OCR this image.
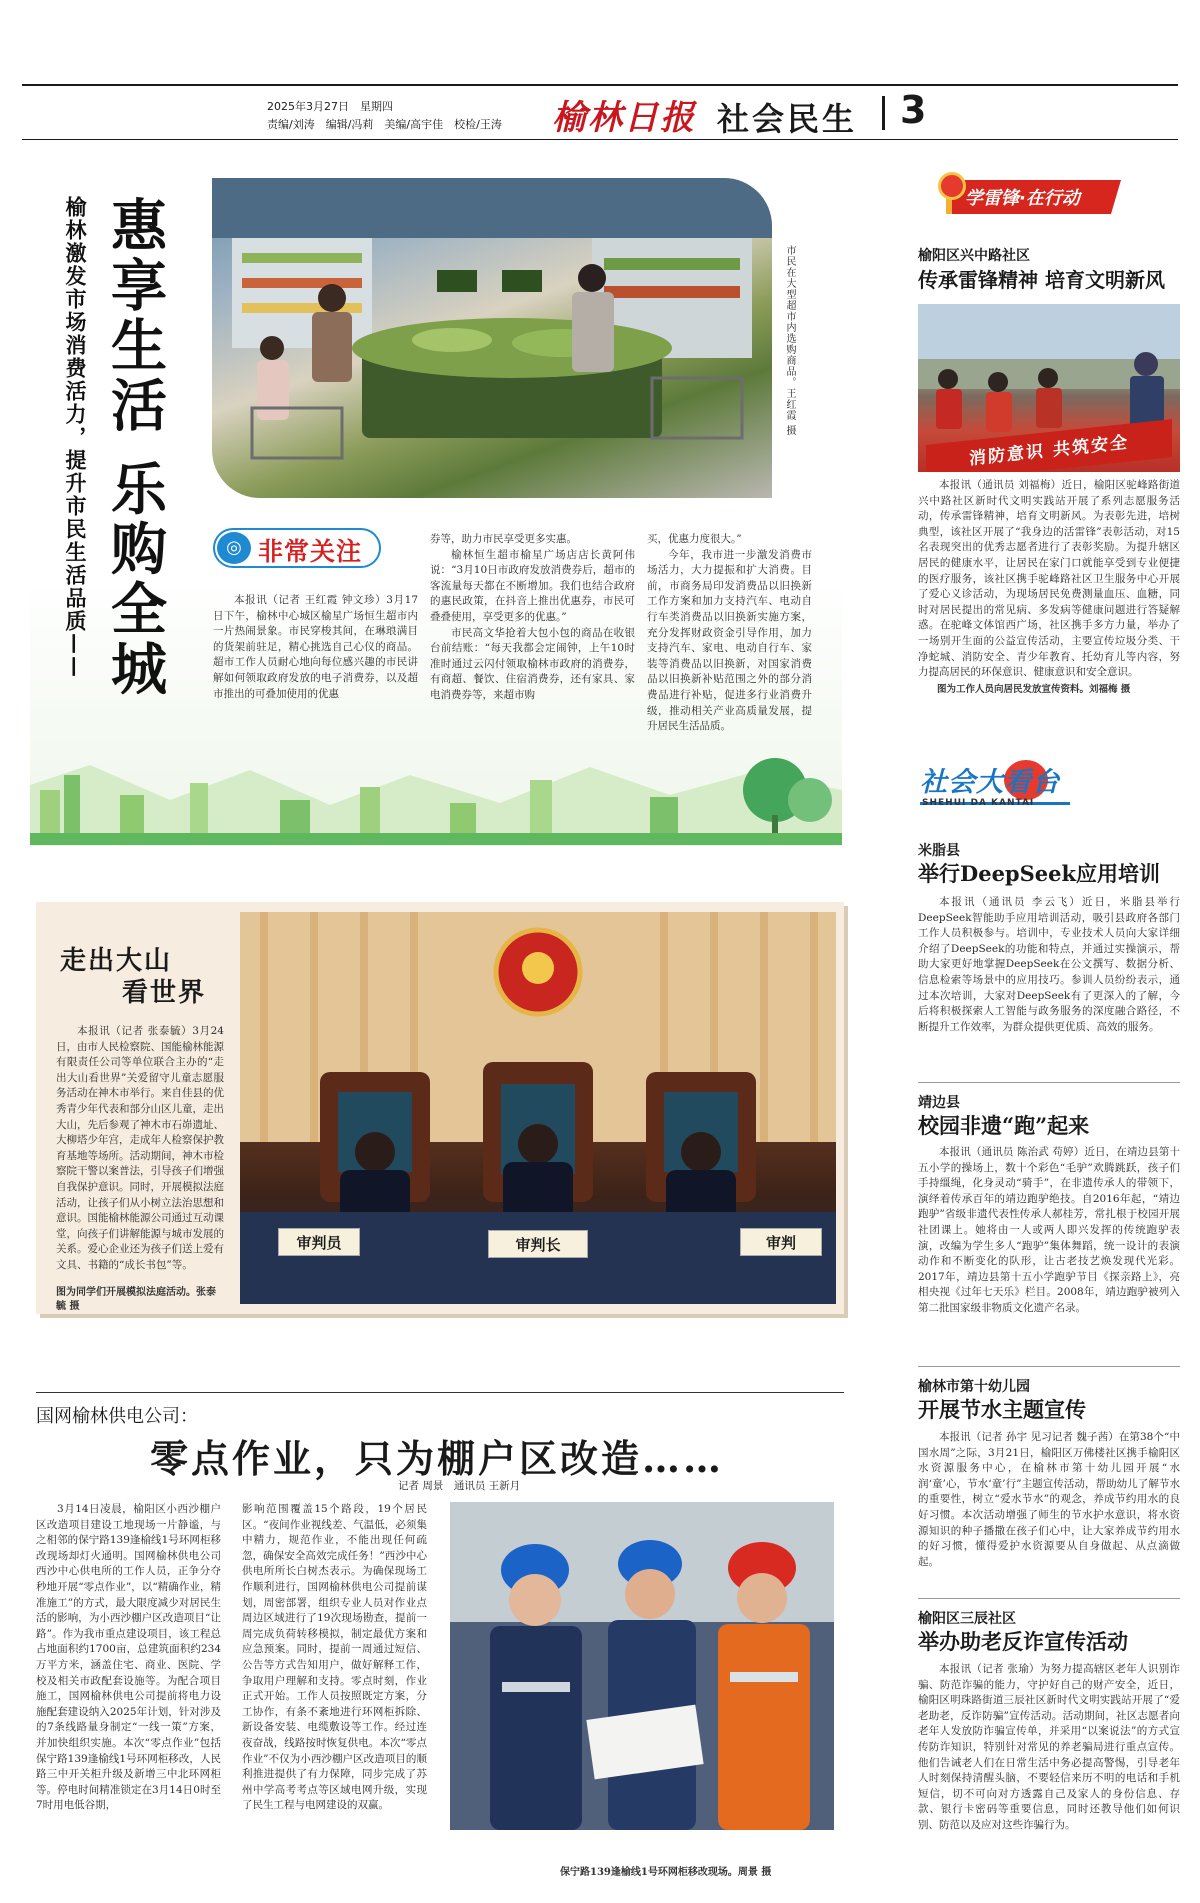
2025年3月27日　星期四
责编/刘涛　编辑/冯莉　美编/高宇佳　校检/王涛 榆林日报 社会民生 3
榆林激发市场消费活力，提升市民生活品质—— 惠享生活 乐购全城	市民在大型超市内选购商品。王红霞 摄
◎ 非常关注

本报讯（记者 王红霞 钟文珍）3月17日下午，榆林中心城区榆星广场恒生超市内一片热闹景象。市民穿梭其间，在琳琅满目的货架前驻足，精心挑选自己心仪的商品。超市工作人员耐心地向每位感兴趣的市民讲解如何领取政府发放的电子消费券，以及超市推出的可叠加使用的优惠

券等，助力市民享受更多实惠。

榆林恒生超市榆星广场店店长黄阿伟说：“3月10日市政府发放消费券后，超市的客流量每天都在不断增加。我们也结合政府的惠民政策，在抖音上推出优惠券，市民可叠叠使用，享受更多的优惠。”

市民高文华抢着大包小包的商品在收银台前结账：“每天我都会定闹钟，上午10时准时通过云闪付领取榆林市政府的消费券，有商超、餐饮、住宿消费券，还有家具、家电消费券等，来超市购

买，优惠力度很大。”

今年，我市进一步激发消费市场活力，大力提振和扩大消费。目前，市商务局印发消费品以旧换新工作方案和加力支持汽车、电动自行车类消费品以旧换新实施方案，充分发挥财政资金引导作用，加力支持汽车、家电、电动自行车、家装等消费品以旧换新，对国家消费品以旧换新补贴范围之外的部分消费品进行补贴，促进多行业消费升级，推动相关产业高质量发展，提升居民生活品质。

学雷锋·在行动
榆阳区兴中路社区
传承雷锋精神 培育文明新风
消防意识 共筑安全

本报讯（通讯员 刘福梅）近日，榆阳区驼峰路街道兴中路社区新时代文明实践站开展了系列志愿服务活动，传承雷锋精神，培育文明新风。为表彰先进，培树典型，该社区开展了“我身边的活雷锋”表彰活动，对15名表现突出的优秀志愿者进行了表彰奖励。为提升辖区居民的健康水平，让居民在家门口就能享受到专业便捷的医疗服务，该社区携手驼峰路社区卫生服务中心开展了爱心义诊活动，为现场居民免费测量血压、血糖，同时对居民提出的常见病、多发病等健康问题进行答疑解惑。在驼峰文体馆西广场，社区携手多方力量，举办了一场别开生面的公益宣传活动，主要宣传垃圾分类、干净蛇城、消防安全、青少年教育、托幼育儿等内容，努力提高居民的环保意识、健康意识和安全意识。

图为工作人员向居民发放宣传资料。刘福梅 摄

社会大看台
SHEHUI DA KANTAI
米脂县
举行DeepSeek应用培训

本报讯（通讯员 李云飞）近日，米脂县举行DeepSeek智能助手应用培训活动，吸引县政府各部门工作人员积极参与。培训中，专业技术人员向大家详细介绍了DeepSeek的功能和特点，并通过实操演示，帮助大家更好地掌握DeepSeek在公文撰写、数据分析、信息检索等场景中的应用技巧。参训人员纷纷表示，通过本次培训，大家对DeepSeek有了更深入的了解，今后将积极探索人工智能与政务服务的深度融合路径，不断提升工作效率，为群众提供更优质、高效的服务。

靖边县
校园非遗“跑”起来

本报讯（通讯员 陈治武 苟婷）近日，在靖边县第十五小学的操场上，数十个彩色“毛驴”欢腾跳跃，孩子们手持缰绳，化身灵动“骑手”，在非遗传承人的带领下，演绎着传承百年的靖边跑驴绝技。自2016年起，“靖边跑驴”省级非遗代表性传承人郝桂芳，常扎根于校园开展社团课上。她将由一人或两人即兴发挥的传统跑驴表演，改编为学生多人“跑驴”集体舞蹈，统一设计的表演动作和不断变化的队形，让古老技艺焕发现代光彩。2017年，靖边县第十五小学跑驴节目《探亲路上》，亮相央视《过年七天乐》栏目。2008年，靖边跑驴被列入第二批国家级非物质文化遗产名录。

榆林市第十幼儿园
开展节水主题宣传

本报讯（记者 孙宇 见习记者 魏子茜）在第38个“中国水周”之际，3月21日，榆阳区万佛楼社区携手榆阳区水资源服务中心，在榆林市第十幼儿园开展“水润‘童’心，节水‘童’行”主题宣传活动，帮助幼儿了解节水的重要性，树立“爱水节水”的观念，养成节约用水的良好习惯。本次活动增强了师生的节水护水意识，将水资源知识的种子播撒在孩子们心中，让大家养成节约用水的好习惯，懂得爱护水资源要从自身做起、从点滴做起。

榆阳区三辰社区
举办助老反诈宣传活动

本报讯（记者 张瑜）为努力提高辖区老年人识别诈骗、防范诈骗的能力，守护好自己的财产安全，近日，榆阳区明珠路街道三辰社区新时代文明实践站开展了“爱老助老，反诈防骗”宣传活动。活动期间，社区志愿者向老年人发放防诈骗宣传单，并采用“以案说法”的方式宣传防诈知识，特别针对常见的养老骗局进行重点宣传。他们告诫老人们在日常生活中务必提高警惕，引导老年人时刻保持清醒头脑，不要轻信来历不明的电话和手机短信，切不可向对方透露自己及家人的身份信息、存款、银行卡密码等重要信息，同时还教导他们如何识别、防范以及应对这些诈骗行为。

审判员	审判长	审判
走出大山
看世界

本报讯（记者 张泰毓）3月24日，由市人民检察院、国能榆林能源有限责任公司等单位联合主办的“走出大山看世界”关爱留守儿童志愿服务活动在神木市举行。来自佳县的优秀青少年代表和部分山区儿童，走出大山，先后参观了神木市石峁遗址、大柳塔少年宫，走成年人检察保护教育基地等场所。活动期间，神木市检察院干警以案普法，引导孩子们增强自我保护意识。同时，开展模拟法庭活动，让孩子们从小树立法治思想和意识。国能榆林能源公司通过互动课堂，向孩子们讲解能源与城市发展的关系。爱心企业还为孩子们送上爱有文具、书籍的“成长书包”等。

图为同学们开展模拟法庭活动。张泰毓 摄
国网榆林供电公司：
零点作业，只为棚户区改造……
记者 周景　通讯员 王新月

3月14日凌晨，榆阳区小西沙棚户区改造项目建设工地现场一片静谧，与之相邻的保宁路139逢榆线1号环网柜移改现场却灯火通明。国网榆林供电公司西沙中心供电所的工作人员，正争分夺秒地开展“零点作业”，以“精确作业，精准施工”的方式，最大限度减少对居民生活的影响，为小西沙棚户区改造项目“让路”。作为我市重点建设项目，该工程总占地面积约1700亩，总建筑面积约234万平方米，涵盖住宅、商业、医院、学校及相关市政配套设施等。为配合项目施工，国网榆林供电公司提前将电力设施配套建设纳入2025年计划，针对涉及的7条线路量身制定“一线一策”方案，并加快组织实施。本次“零点作业”包括保宁路139逢榆线1号环网柜移改，人民路三中开关柜升级及新增三中北环网柜等。停电时间精准锁定在3月14日0时至7时用电低谷期，

影响范围覆盖15个路段，19个居民区。“夜间作业视线差、气温低，必须集中精力，规范作业，不能出现任何疏忽，确保安全高效完成任务！”西沙中心供电所所长白树杰表示。为确保现场工作顺利进行，国网榆林供电公司提前谋划，周密部署，组织专业人员对作业点周边区域进行了19次现场勘查，提前一周完成负荷转移模拟，制定最优方案和应急预案。同时，提前一周通过短信、公告等方式告知用户，做好解释工作，争取用户理解和支持。零点时刻，作业正式开始。工作人员按照既定方案，分工协作，有条不紊地进行环网柜拆除、新设备安装、电缆敷设等工作。经过连夜奋战，线路按时恢复供电。本次“零点作业”不仅为小西沙棚户区改造项目的顺利推进提供了有力保障，同步完成了苏州中学高考考点等区域电网升级，实现了民生工程与电网建设的双赢。

保宁路139逢榆线1号环网柜移改现场。周景 摄
